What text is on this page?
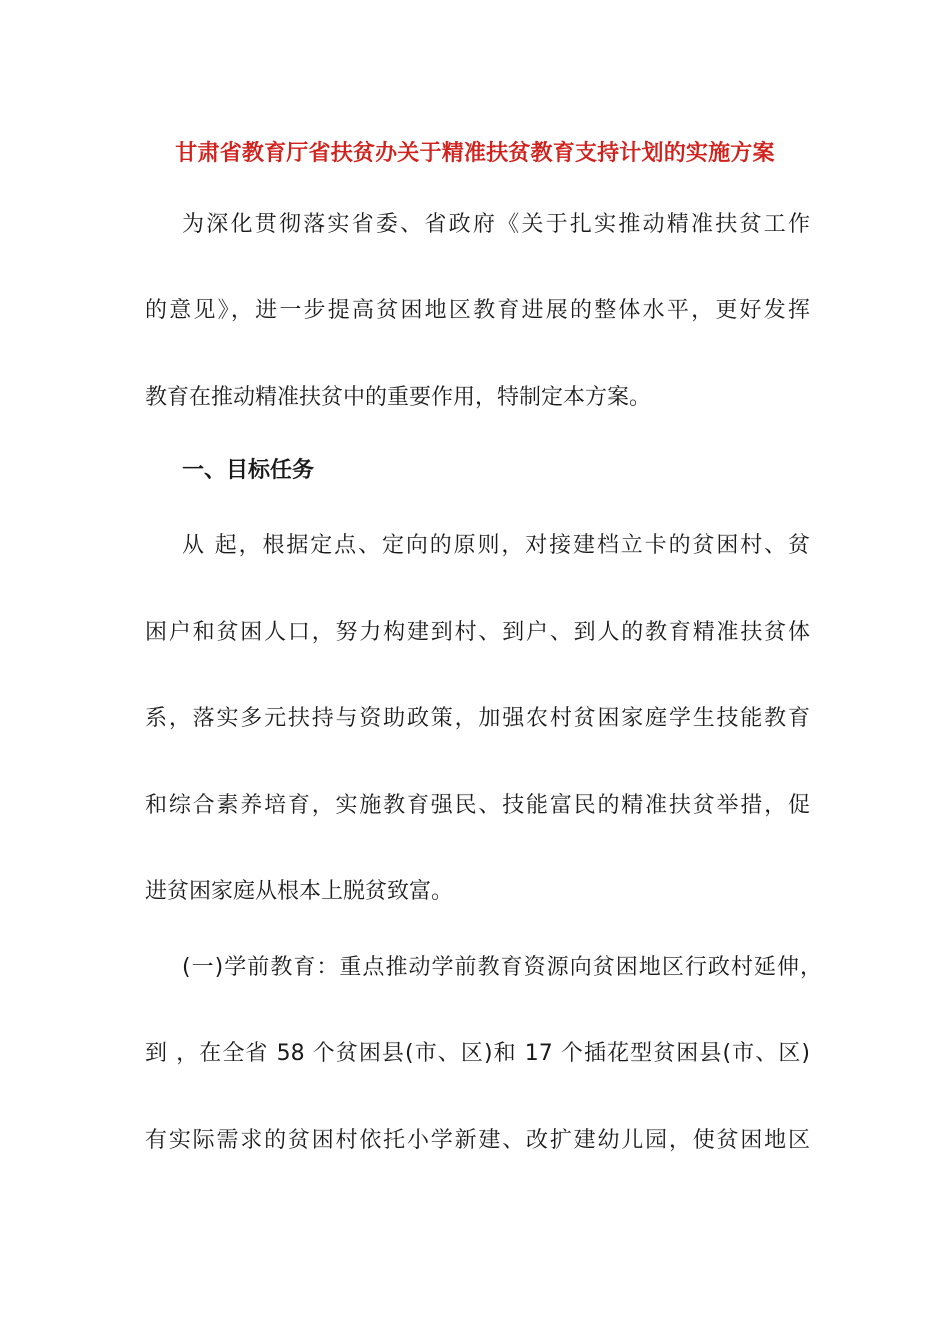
甘肃省教育厅省扶贫办关于精准扶贫教育支持计划的实施方案
为深化贯彻落实省委、省政府《关于扎实推动精准扶贫工作
的意见》，进一步提高贫困地区教育进展的整体水平，更好发挥
教育在推动精准扶贫中的重要作用，特制定本方案。
一、目标任务
从 起，根据定点、定向的原则，对接建档立卡的贫困村、贫
困户和贫困人口，努力构建到村、到户、到人的教育精准扶贫体
系，落实多元扶持与资助政策，加强农村贫困家庭学生技能教育
和综合素养培育，实施教育强民、技能富民的精准扶贫举措，促
进贫困家庭从根本上脱贫致富。
(一)学前教育：重点推动学前教育资源向贫困地区行政村延伸，
到 ，在全省 58 个贫困县(市、区)和 17 个插花型贫困县(市、区)
有实际需求的贫困村依托小学新建、改扩建幼儿园，使贫困地区
